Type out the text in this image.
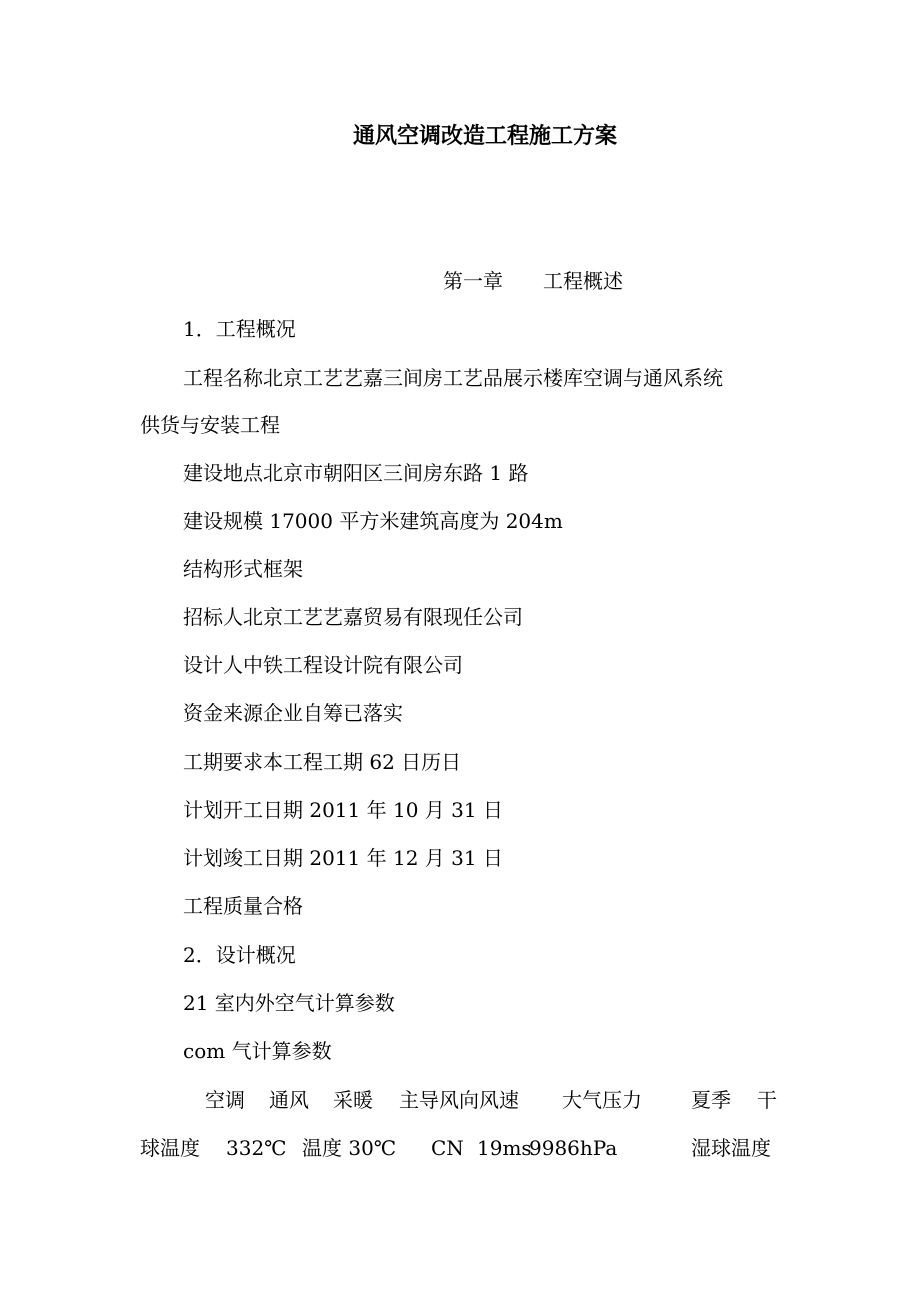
通风空调改造工程施工方案
第一章　　工程概述
1．工程概况
工程名称北京工艺艺嘉三间房工艺品展示楼库空调与通风系统
供货与安装工程
建设地点北京市朝阳区三间房东路 1 路
建设规模 17000 平方米建筑高度为 204m
结构形式框架
招标人北京工艺艺嘉贸易有限现任公司
设计人中铁工程设计院有限公司
资金来源企业自筹已落实
工期要求本工程工期 62 日历日
计划开工日期 2011 年 10 月 31 日
计划竣工日期 2011 年 12 月 31 日
工程质量合格
2．设计概况
21 室内外空气计算参数
com 气计算参数
空调 通风 采暖 主导风向风速 大气压力 夏季 干
球温度 332℃ 温度 30℃ CN 19ms
9986hPa	湿球温度
